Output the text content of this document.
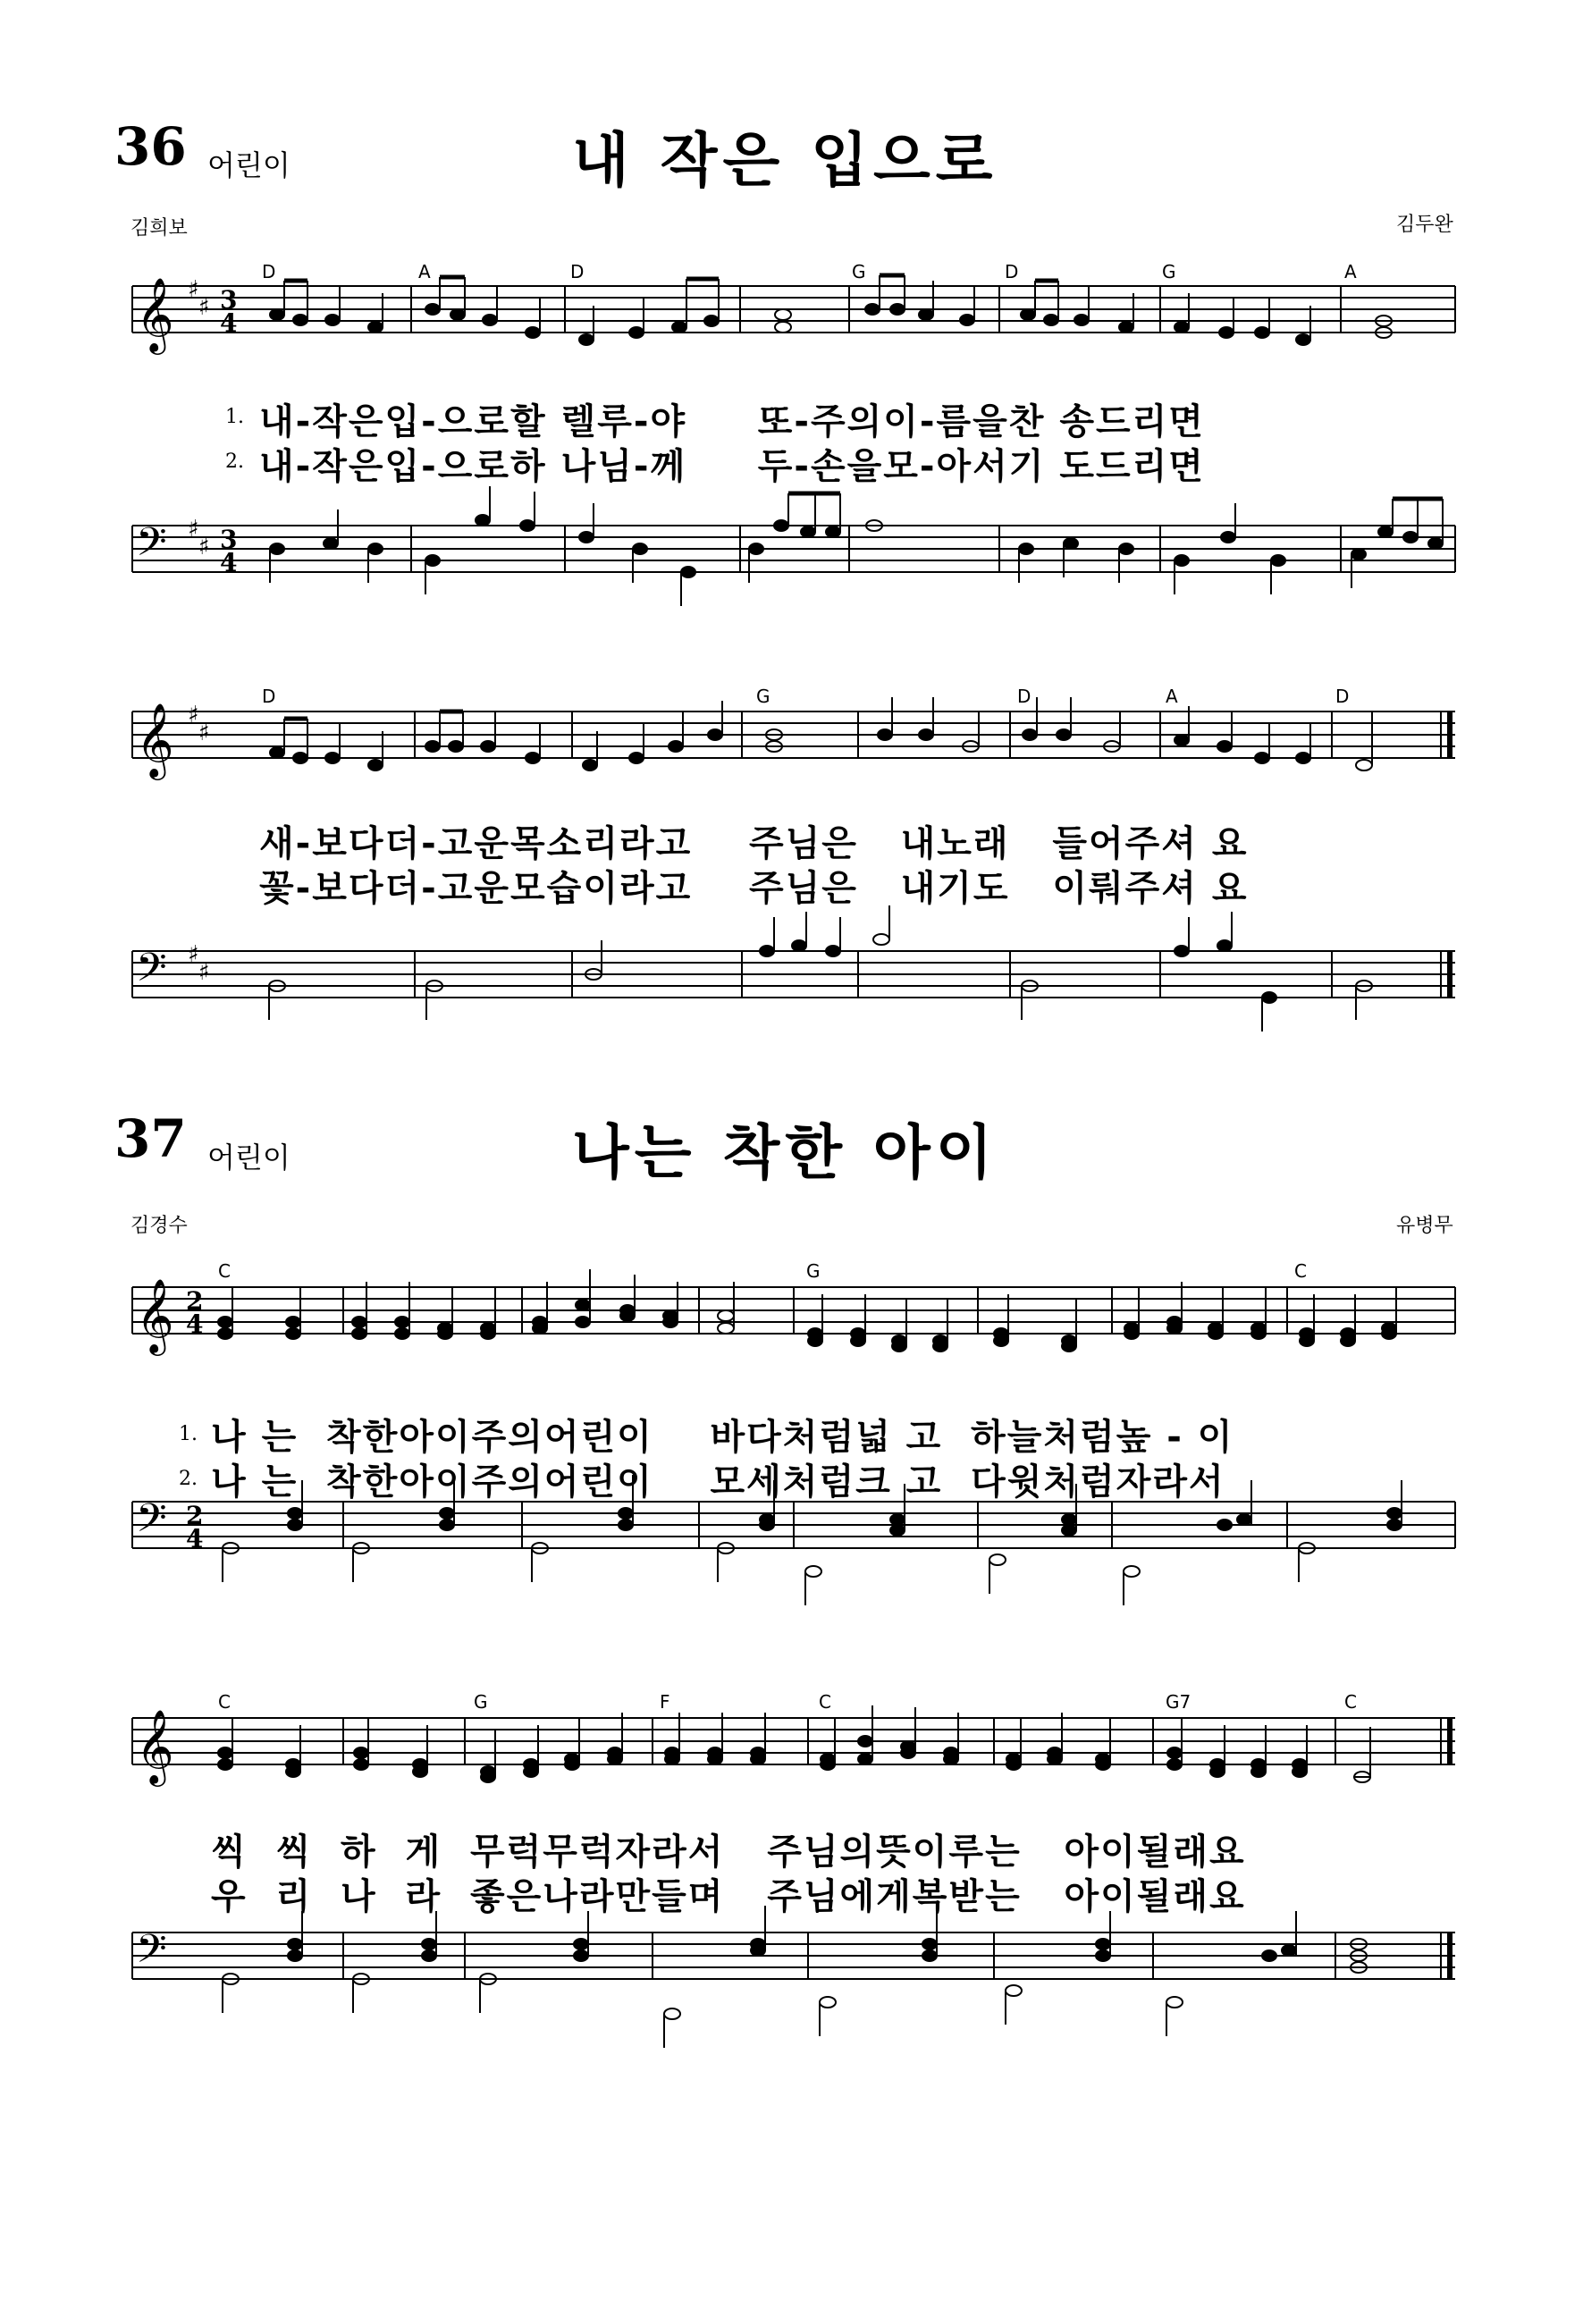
36 어린이	내 작은 입으로
김희보	김두완
D	A	D	G	D	G	A
𝄞
𝄢
♯
♯
♯
♯
3
4
3
4
1. 내-작은입-으로할 렐루-야     또-주의이-름을찬 송드리면
2. 내-작은입-으로하 나님-께     두-손을모-아서기 도드리면
D	G	D	A	D
𝄞
𝄢
♯
♯
♯
♯
새-보다더-고운목소리라고    주님은   내노래   들어주셔 요
꽃-보다더-고운모습이라고    주님은   내기도   이뤄주셔 요
37 어린이	나는 착한 아이
김경수	유병무
C	G	C
𝄞
𝄢
2
4
2
4
1. 나 는  착한아이주의어린이    바다처럼넓 고  하늘처럼높 - 이
2. 나 는  착한아이주의어린이    모세처럼크 고  다윗처럼자라서
C	G	F	C	G7	C
𝄞
𝄢
씩  씩  하  게  무럭무럭자라서   주님의뜻이루는   아이될래요
우  리  나  라  좋은나라만들며   주님에게복받는   아이될래요
